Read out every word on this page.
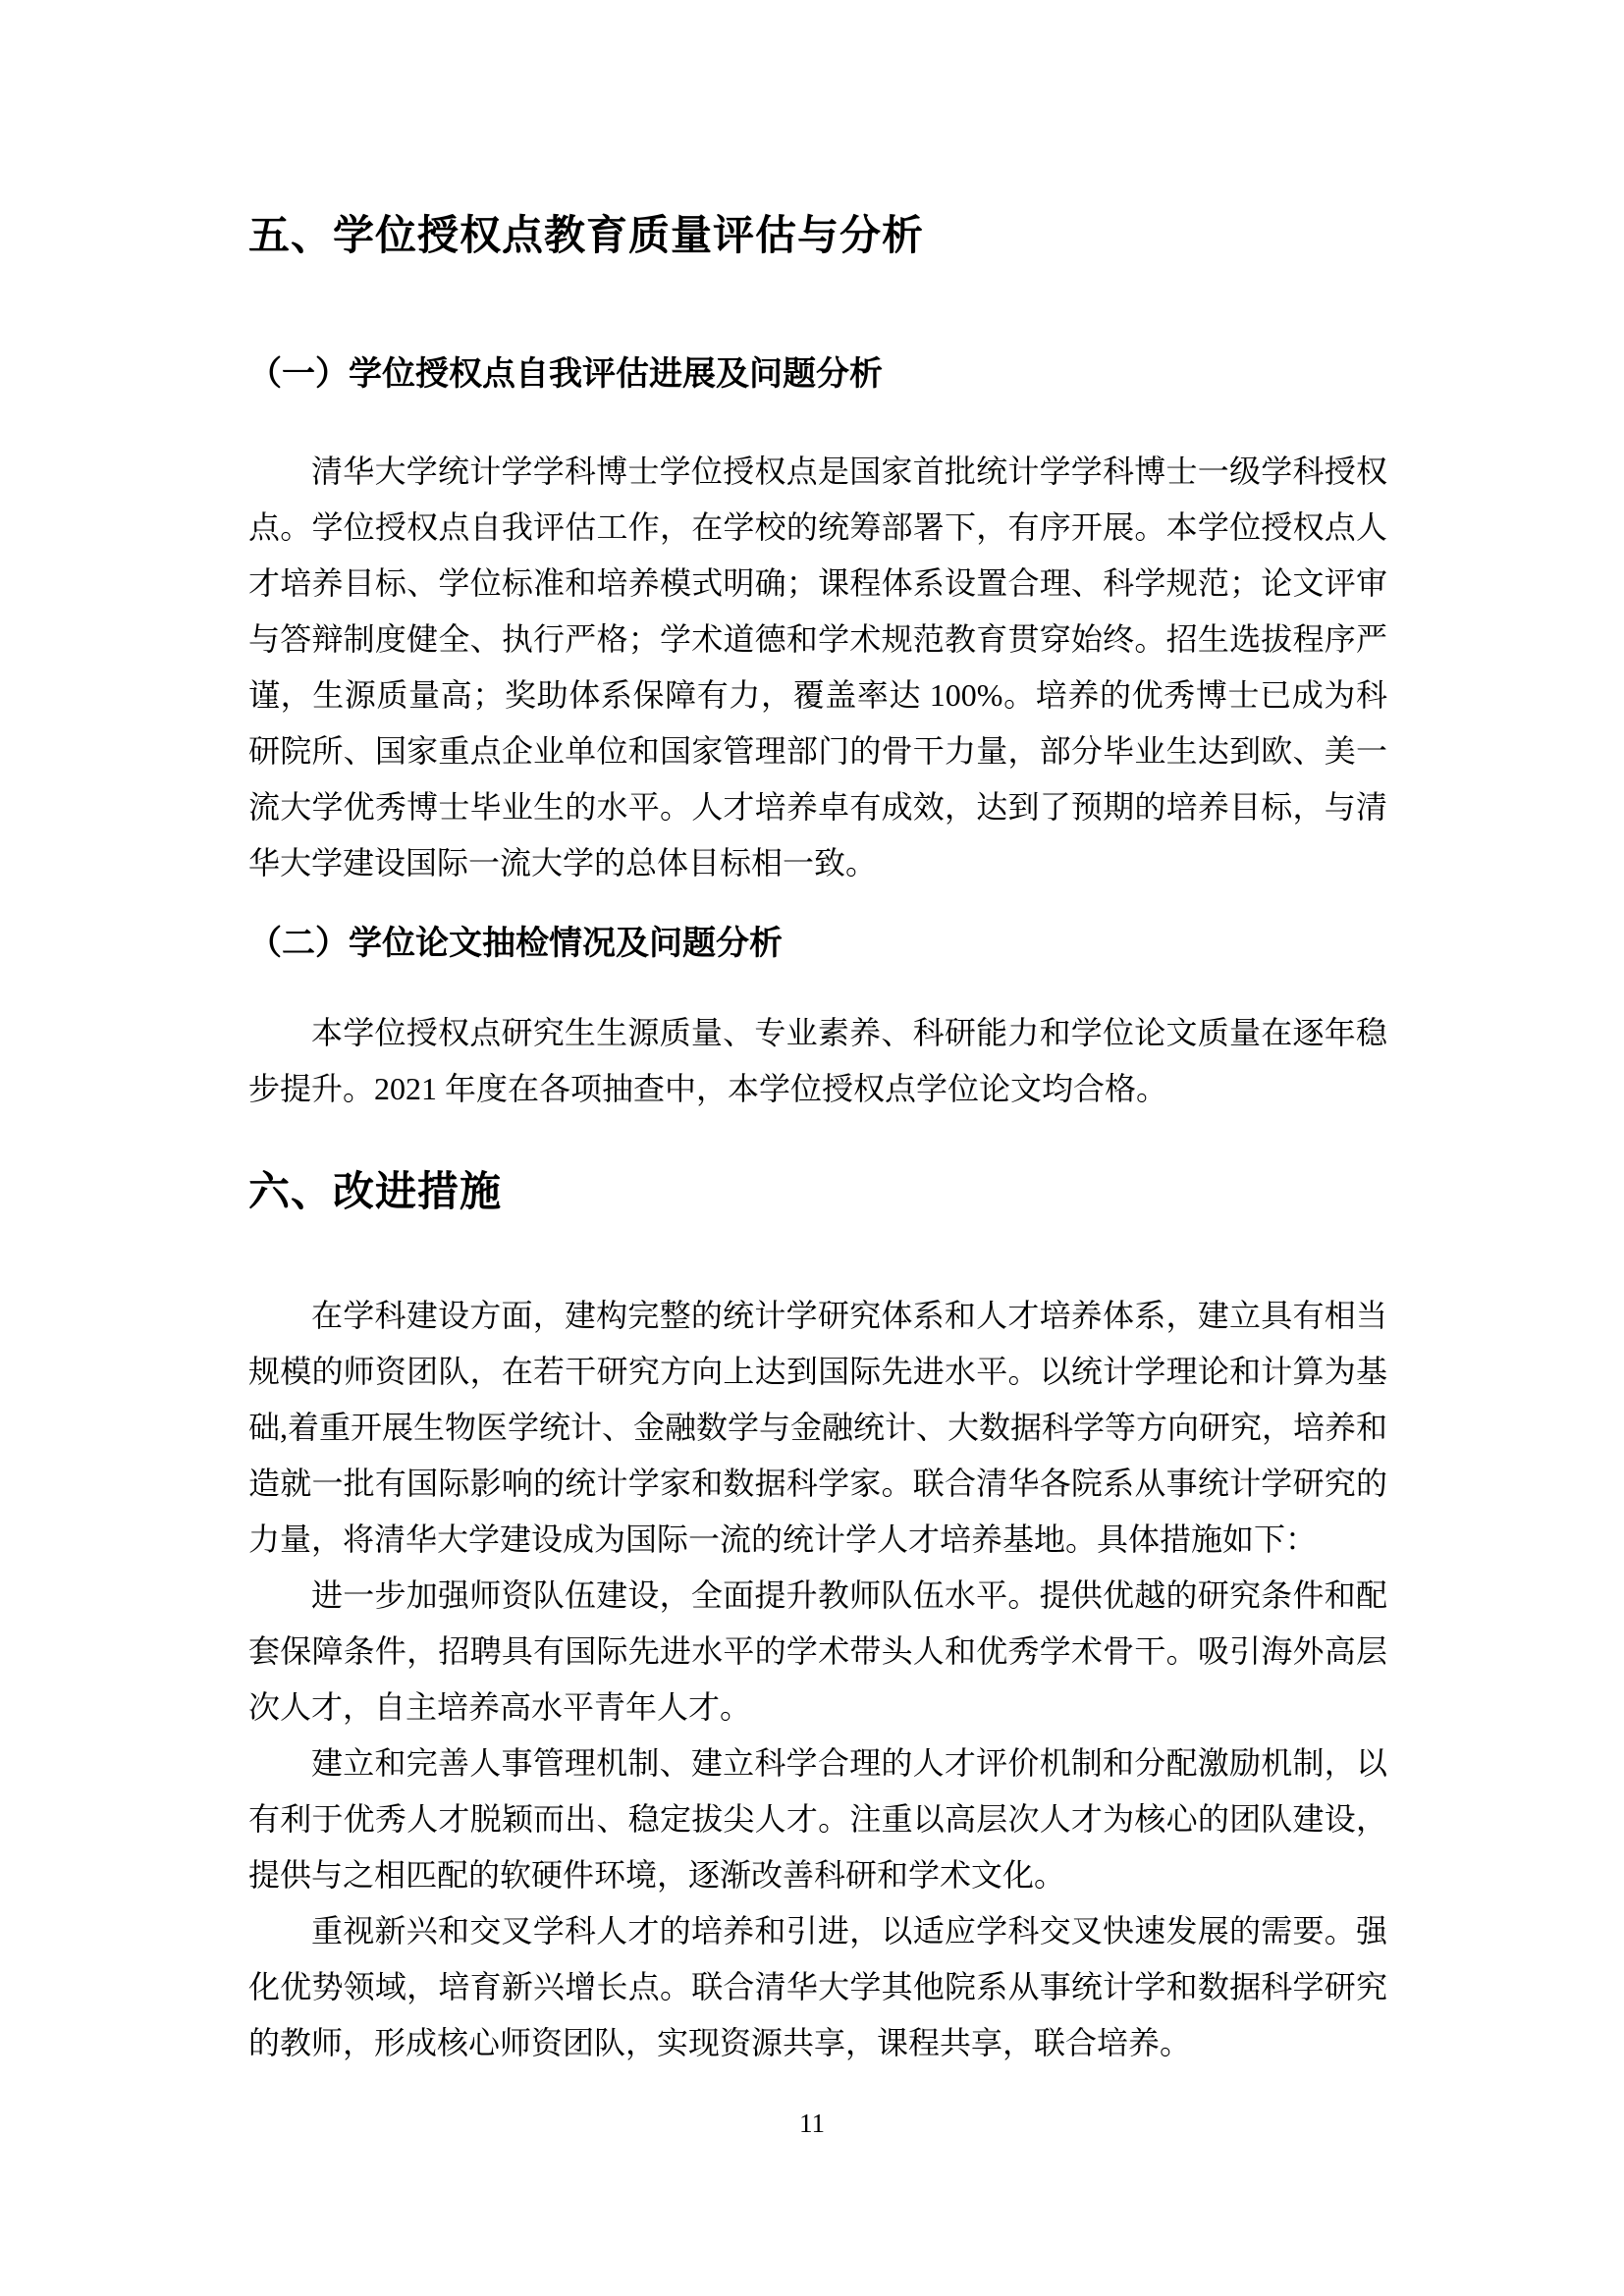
五、学位授权点教育质量评估与分析
（一）学位授权点自我评估进展及问题分析

清华大学统计学学科博士学位授权点是国家首批统计学学科博士一级学科授权点。学位授权点自我评估工作，在学校的统筹部署下，有序开展。本学位授权点人才培养目标、学位标准和培养模式明确；课程体系设置合理、科学规范；论文评审与答辩制度健全、执行严格；学术道德和学术规范教育贯穿始终。招生选拔程序严谨，生源质量高；奖助体系保障有力，覆盖率达 100%。培养的优秀博士已成为科研院所、国家重点企业单位和国家管理部门的骨干力量，部分毕业生达到欧、美一流大学优秀博士毕业生的水平。人才培养卓有成效，达到了预期的培养目标，与清华大学建设国际一流大学的总体目标相一致。

（二）学位论文抽检情况及问题分析

本学位授权点研究生生源质量、专业素养、科研能力和学位论文质量在逐年稳步提升。2021 年度在各项抽查中，本学位授权点学位论文均合格。

六、改进措施

在学科建设方面，建构完整的统计学研究体系和人才培养体系，建立具有相当规模的师资团队，在若干研究方向上达到国际先进水平。以统计学理论和计算为基础,着重开展生物医学统计、金融数学与金融统计、大数据科学等方向研究，培养和造就一批有国际影响的统计学家和数据科学家。联合清华各院系从事统计学研究的力量，将清华大学建设成为国际一流的统计学人才培养基地。具体措施如下：

进一步加强师资队伍建设，全面提升教师队伍水平。提供优越的研究条件和配套保障条件，招聘具有国际先进水平的学术带头人和优秀学术骨干。吸引海外高层次人才，自主培养高水平青年人才。

建立和完善人事管理机制、建立科学合理的人才评价机制和分配激励机制，以有利于优秀人才脱颖而出、稳定拔尖人才。注重以高层次人才为核心的团队建设，提供与之相匹配的软硬件环境，逐渐改善科研和学术文化。

重视新兴和交叉学科人才的培养和引进，以适应学科交叉快速发展的需要。强化优势领域，培育新兴增长点。联合清华大学其他院系从事统计学和数据科学研究的教师，形成核心师资团队，实现资源共享，课程共享，联合培养。

11
